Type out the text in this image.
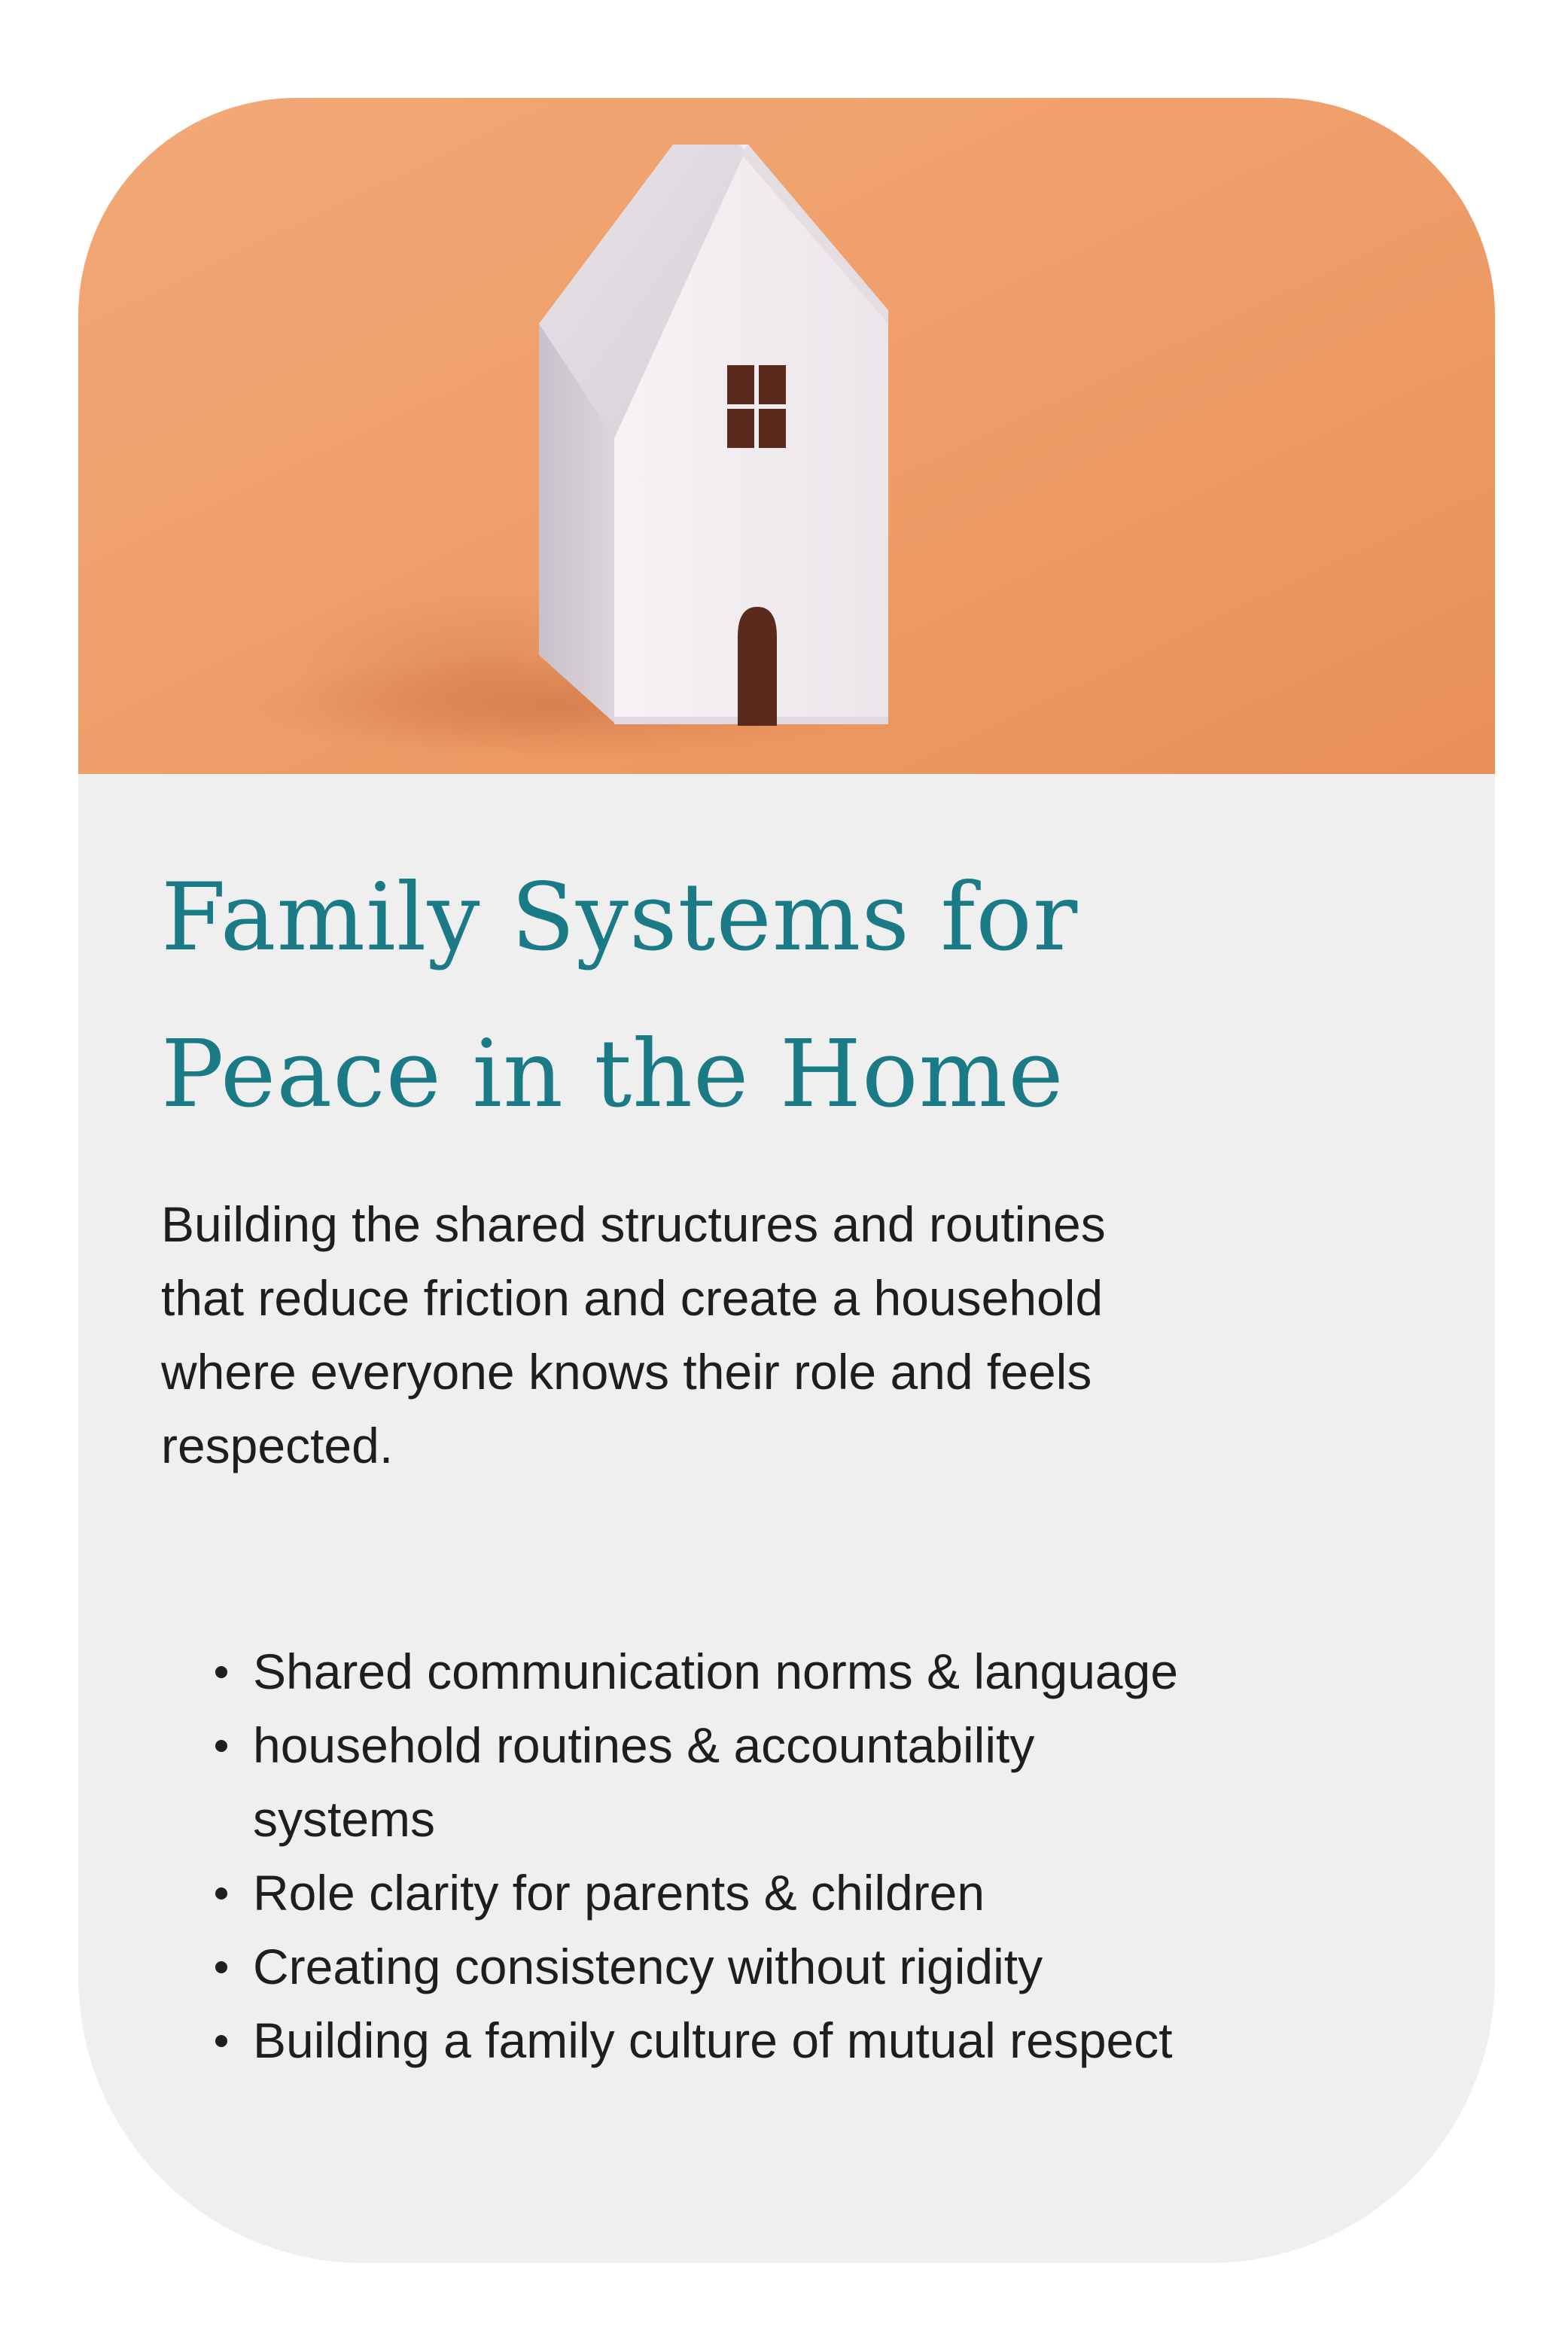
Family Systems for
Peace in the Home

Building the shared structures and routines
that reduce friction and create a household
where everyone knows their role and feels
respected.

Shared communication norms & language
household routines & accountability
systems
Role clarity for parents & children
Creating consistency without rigidity
Building a family culture of mutual respect
